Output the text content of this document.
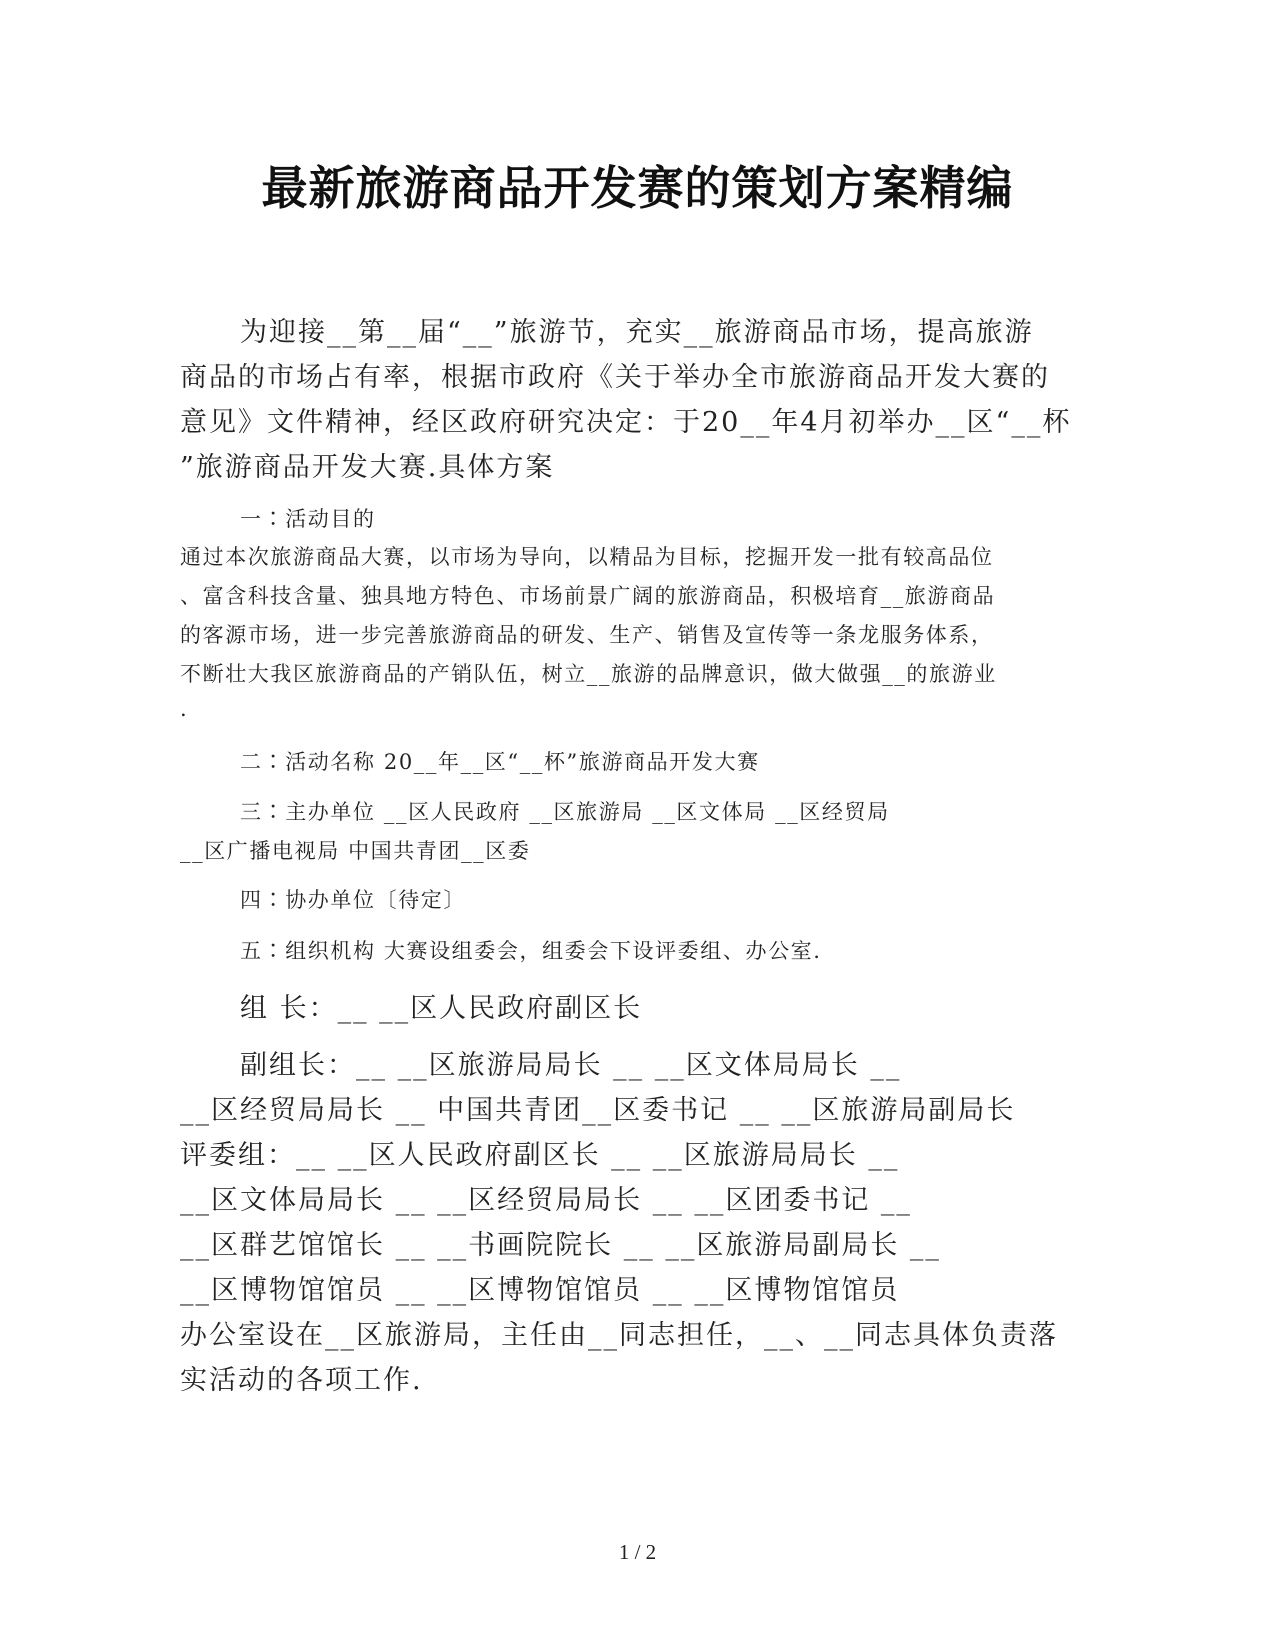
最新旅游商品开发赛的策划方案精编
为迎接__第__届“__”旅游节，充实__旅游商品市场，提高旅游
商品的市场占有率，根据市政府《关于举办全市旅游商品开发大赛的
意见》文件精神，经区政府研究决定：于20__年4月初举办__区“__杯
”旅游商品开发大赛.具体方案
一∶活动目的
通过本次旅游商品大赛，以市场为导向，以精品为目标，挖掘开发一批有较高品位
、富含科技含量、独具地方特色、市场前景广阔的旅游商品，积极培育__旅游商品
的客源市场，进一步完善旅游商品的研发、生产、销售及宣传等一条龙服务体系，
不断壮大我区旅游商品的产销队伍，树立__旅游的品牌意识，做大做强__的旅游业
.
二∶活动名称 20__年__区“__杯”旅游商品开发大赛
三∶主办单位 __区人民政府 __区旅游局 __区文体局 __区经贸局
__区广播电视局 中国共青团__区委
四∶协办单位〔待定〕
五∶组织机构 大赛设组委会，组委会下设评委组、办公室.
组 长：__ __区人民政府副区长
副组长：__ __区旅游局局长 __ __区文体局局长 __
__区经贸局局长 __ 中国共青团__区委书记 __ __区旅游局副局长
评委组：__ __区人民政府副区长 __ __区旅游局局长 __
__区文体局局长 __ __区经贸局局长 __ __区团委书记 __
__区群艺馆馆长 __ __书画院院长 __ __区旅游局副局长 __
__区博物馆馆员 __ __区博物馆馆员 __ __区博物馆馆员
办公室设在__区旅游局，主任由__同志担任，__、__同志具体负责落
实活动的各项工作.
1 / 2
